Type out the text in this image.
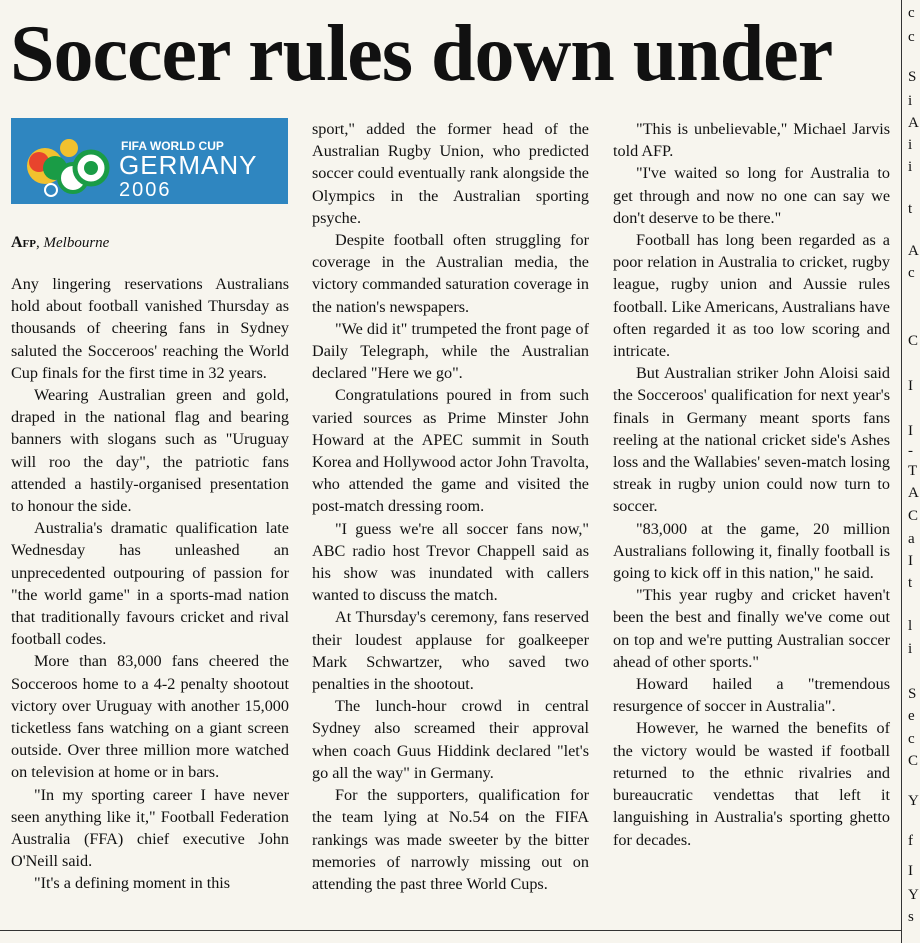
Soccer rules down under
FIFA WORLD CUP
GERMANY
2006
Afp, Melbourne

Any lingering reservations Australians hold about football vanished Thursday as thousands of cheering fans in Sydney saluted the Socceroos' reaching the World Cup finals for the first time in 32 years.

Wearing Australian green and gold, draped in the national flag and bearing banners with slogans such as "Uruguay will roo the day", the patriotic fans attended a hastily-organised presentation to honour the side.

Australia's dramatic qualification late Wednesday has unleashed an unprecedented outpouring of passion for "the world game" in a sports-mad nation that traditionally favours cricket and rival football codes.

More than 83,000 fans cheered the Socceroos home to a 4-2 penalty shootout victory over Uruguay with another 15,000 ticketless fans watching on a giant screen outside. Over three million more watched on television at home or in bars.

"In my sporting career I have never seen anything like it," Football Federation Australia (FFA) chief executive John O'Neill said.

"It's a defining moment in this

sport," added the former head of the Australian Rugby Union, who predicted soccer could eventually rank alongside the Olympics in the Australian sporting psyche.

Despite football often struggling for coverage in the Australian media, the victory commanded saturation coverage in the nation's newspapers.

"We did it" trumpeted the front page of Daily Telegraph, while the Australian declared "Here we go".

Congratulations poured in from such varied sources as Prime Minster John Howard at the APEC summit in South Korea and Hollywood actor John Travolta, who attended the game and visited the post-match dressing room.

"I guess we're all soccer fans now," ABC radio host Trevor Chappell said as his show was inundated with callers wanted to discuss the match.

At Thursday's ceremony, fans reserved their loudest applause for goalkeeper Mark Schwartzer, who saved two penalties in the shootout.

The lunch-hour crowd in central Sydney also screamed their approval when coach Guus Hiddink declared "let's go all the way" in Germany.

For the supporters, qualification for the team lying at No.54 on the FIFA rankings was made sweeter by the bitter memories of narrowly missing out on attending the past three World Cups.

"This is unbelievable," Michael Jarvis told AFP.

"I've waited so long for Australia to get through and now no one can say we don't deserve to be there."

Football has long been regarded as a poor relation in Australia to cricket, rugby league, rugby union and Aussie rules football. Like Americans, Australians have often regarded it as too low scoring and intricate.

But Australian striker John Aloisi said the Socceroos' qualification for next year's finals in Germany meant sports fans reeling at the national cricket side's Ashes loss and the Wallabies' seven-match losing streak in rugby union could now turn to soccer.

"83,000 at the game, 20 million Australians following it, finally football is going to kick off in this nation," he said.

"This year rugby and cricket haven't been the best and finally we've come out on top and we're putting Australian soccer ahead of other sports."

Howard hailed a "tremendous resurgence of soccer in Australia".

However, he warned the benefits of the victory would be wasted if football returned to the ethnic rivalries and bureaucratic vendettas that left it languishing in Australia's sporting ghetto for decades.

c
c
S
i
A
i
i
t
A
c
C
I
I
-
T
A
C
a
I
t
l
i
S
e
c
C
Y
f
I
Y
s
